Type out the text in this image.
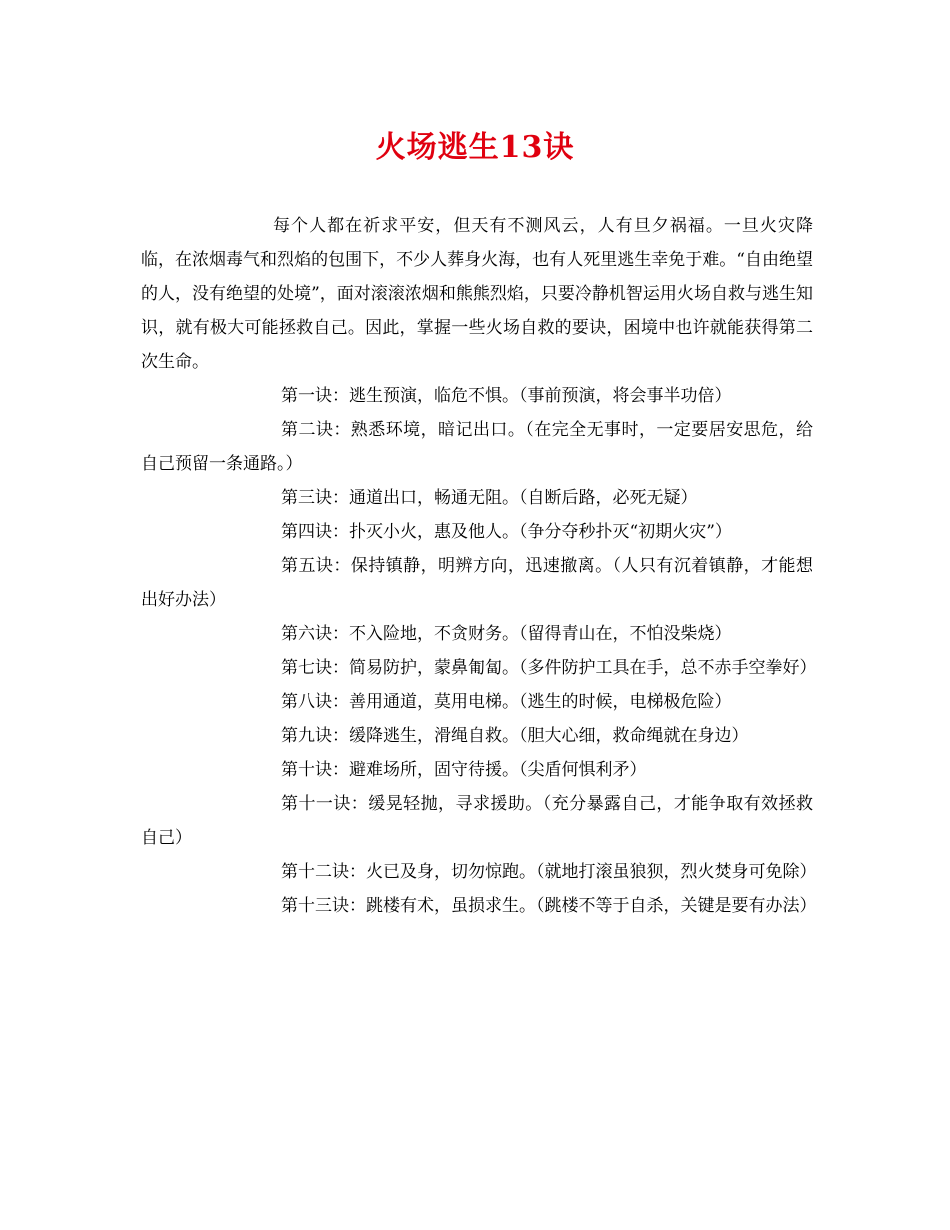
火场逃生13诀

每个人都在祈求平安，但天有不测风云，人有旦夕祸福。一旦火灾降临，在浓烟毒气和烈焰的包围下，不少人葬身火海，也有人死里逃生幸免于难。“自由绝望的人，没有绝望的处境”，面对滚滚浓烟和熊熊烈焰，只要冷静机智运用火场自救与逃生知识，就有极大可能拯救自己。因此，掌握一些火场自救的要诀，困境中也许就能获得第二次生命。

第一诀：逃生预演，临危不惧。（事前预演，将会事半功倍）

第二诀：熟悉环境，暗记出口。（在完全无事时，一定要居安思危，给自己预留一条通路。）

第三诀：通道出口，畅通无阻。（自断后路，必死无疑）

第四诀：扑灭小火，惠及他人。（争分夺秒扑灭“初期火灾”）

第五诀：保持镇静，明辨方向，迅速撤离。（人只有沉着镇静，才能想出好办法）

第六诀：不入险地，不贪财务。（留得青山在，不怕没柴烧）

第七诀：简易防护，蒙鼻匍匐。（多件防护工具在手，总不赤手空拳好）

第八诀：善用通道，莫用电梯。（逃生的时候，电梯极危险）

第九诀：缓降逃生，滑绳自救。（胆大心细，救命绳就在身边）

第十诀：避难场所，固守待援。（尖盾何惧利矛）

第十一诀：缓晃轻抛，寻求援助。（充分暴露自己，才能争取有效拯救自己）

第十二诀：火已及身，切勿惊跑。（就地打滚虽狼狈，烈火焚身可免除）

第十三诀：跳楼有术，虽损求生。（跳楼不等于自杀，关键是要有办法）
